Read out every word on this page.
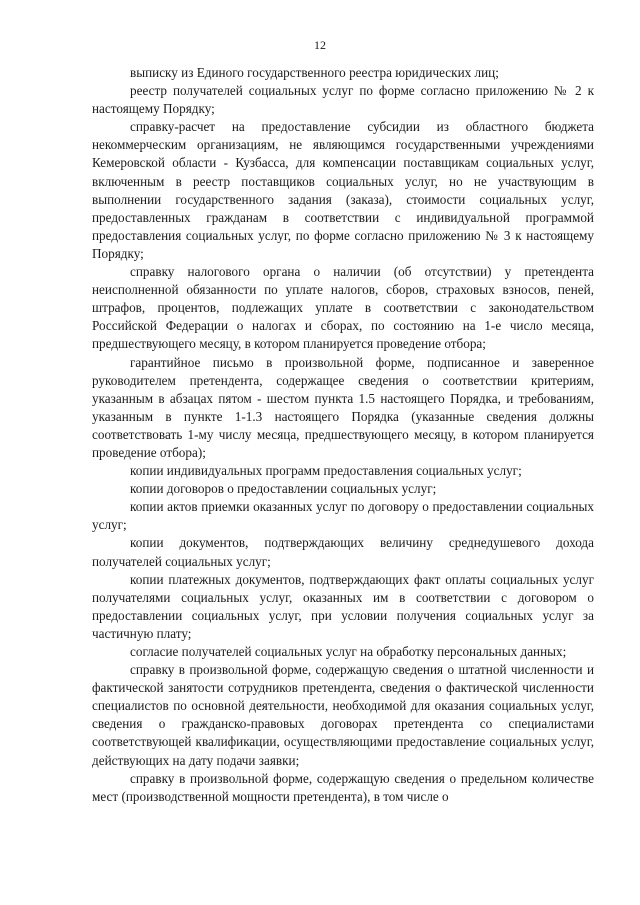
12

выписку из Единого государственного реестра юридических лиц;

реестр получателей социальных услуг по форме согласно приложению № 2 к настоящему Порядку;

справку-расчет на предоставление субсидии из областного бюджета некоммерческим организациям, не являющимся государственными учреждениями Кемеровской области - Кузбасса, для компенсации поставщикам социальных услуг, включенным в реестр поставщиков социальных услуг, но не участвующим в выполнении государственного задания (заказа), стоимости социальных услуг, предоставленных гражданам в соответствии с индивидуальной программой предоставления социальных услуг, по форме согласно приложению № 3 к настоящему Порядку;

справку налогового органа о наличии (об отсутствии) у претендента неисполненной обязанности по уплате налогов, сборов, страховых взносов, пеней, штрафов, процентов, подлежащих уплате в соответствии с законодательством Российской Федерации о налогах и сборах, по состоянию на 1-е число месяца, предшествующего месяцу, в котором планируется проведение отбора;

гарантийное письмо в произвольной форме, подписанное и заверенное руководителем претендента, содержащее сведения о соответствии критериям, указанным в абзацах пятом - шестом пункта 1.5 настоящего Порядка, и требованиям, указанным в пункте 1-1.3 настоящего Порядка (указанные сведения должны соответствовать 1-му числу месяца, предшествующего месяцу, в котором планируется проведение отбора);

копии индивидуальных программ предоставления социальных услуг;

копии договоров о предоставлении социальных услуг;

копии актов приемки оказанных услуг по договору о предоставлении социальных услуг;

копии документов, подтверждающих величину среднедушевого дохода получателей социальных услуг;

копии платежных документов, подтверждающих факт оплаты социальных услуг получателями социальных услуг, оказанных им в соответствии с договором о предоставлении социальных услуг, при условии получения социальных услуг за частичную плату;

согласие получателей социальных услуг на обработку персональных данных;

справку в произвольной форме, содержащую сведения о штатной численности и фактической занятости сотрудников претендента, сведения о фактической численности специалистов по основной деятельности, необходимой для оказания социальных услуг, сведения о гражданско-правовых договорах претендента со специалистами соответствующей квалификации, осуществляющими предоставление социальных услуг, действующих на дату подачи заявки;

справку в произвольной форме, содержащую сведения о предельном количестве мест (производственной мощности претендента), в том числе о
